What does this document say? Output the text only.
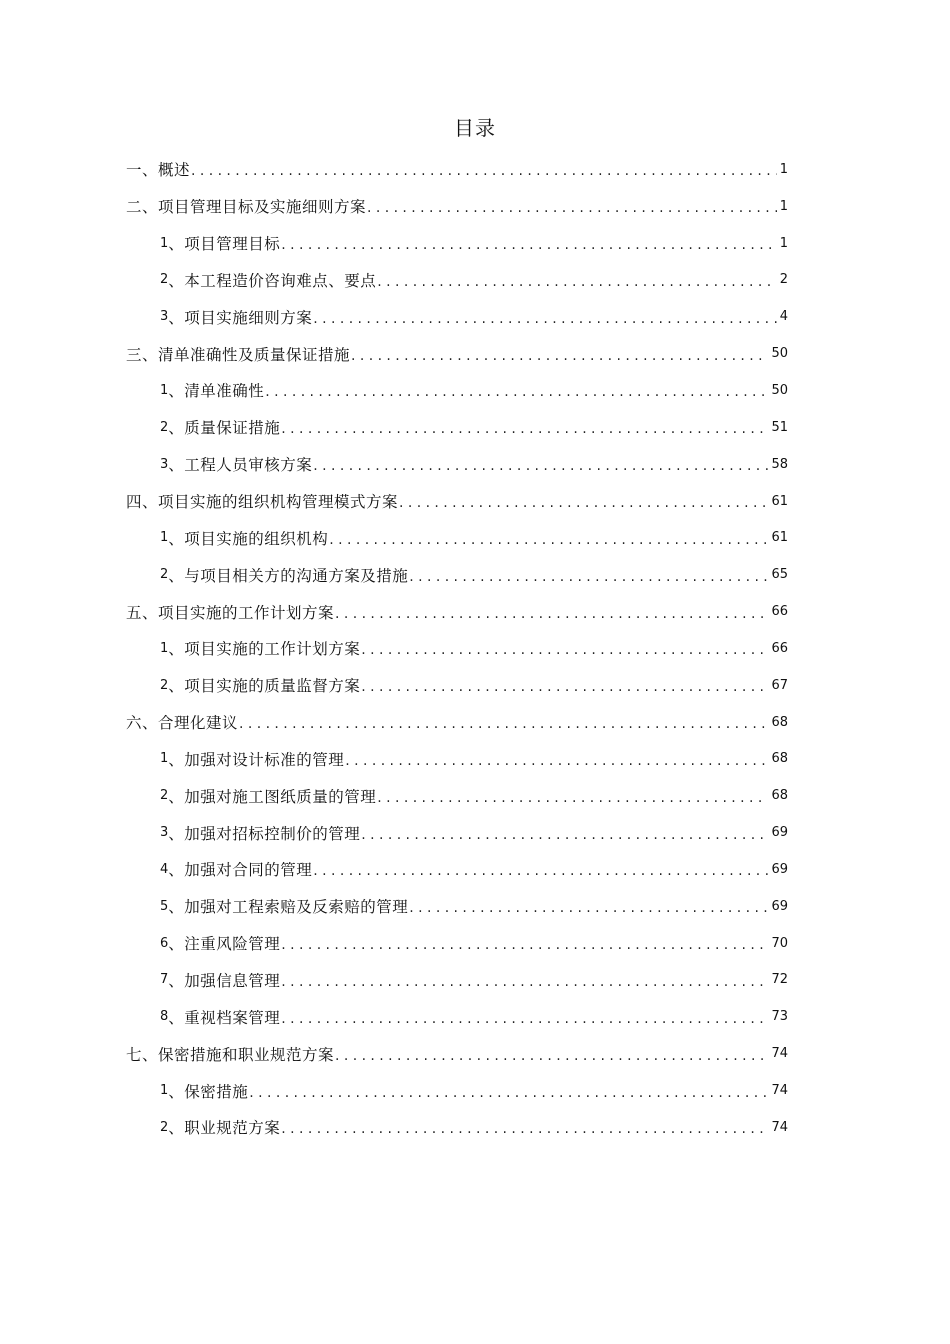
目录
一、概述 .....	1
二、项目管理目标及实施细则方案 .....	1
1 、项目管理目标 .....	1
2 、本工程造价咨询难点、要点 .....	2
3 、项目实施细则方案 .....	4
三、清单准确性及质量保证措施 .....	50
1 、清单准确性 .....	50
2 、质量保证措施 .....	51
3 、工程人员审核方案 .....	58
四、项目实施的组织机构管理模式方案 .....	61
1 、项目实施的组织机构 .....	61
2 、与项目相关方的沟通方案及措施 .....	65
五、项目实施的工作计划方案 .....	66
1 、项目实施的工作计划方案 .....	66
2 、项目实施的质量监督方案 .....	67
六、合理化建议 .....	68
1 、加强对设计标准的管理 .....	68
2 、加强对施工图纸质量的管理 .....	68
3 、加强对招标控制价的管理 .....	69
4 、加强对合同的管理 .....	69
5 、加强对工程索赔及反索赔的管理 .....	69
6 、注重风险管理 .....	70
7 、加强信息管理 .....	72
8 、重视档案管理 .....	73
七、保密措施和职业规范方案 .....	74
1 、保密措施 .....	74
2 、职业规范方案 .....	74
